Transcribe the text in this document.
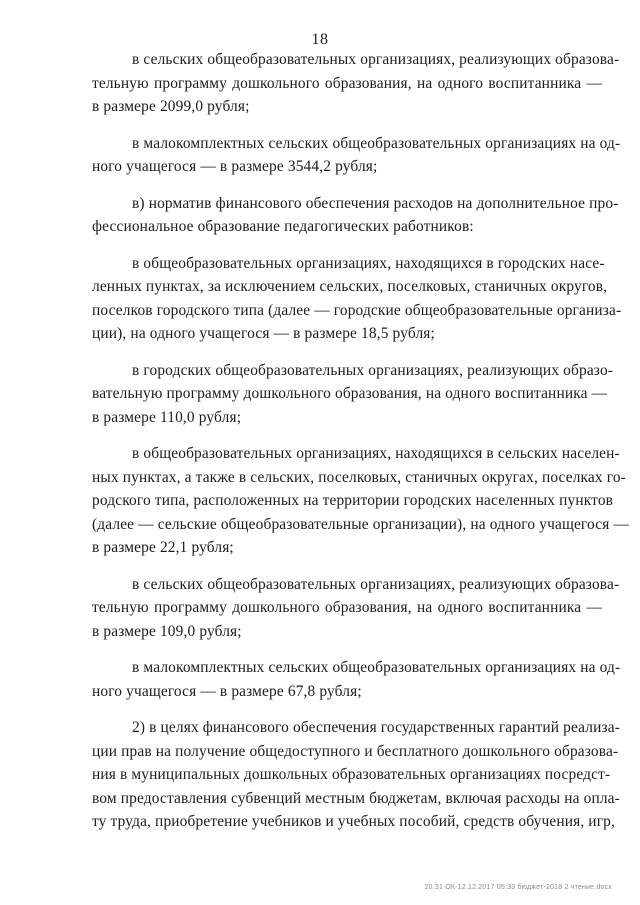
18

в сельских общеобразовательных организациях, реализующих образова-
тельную программу дошкольного образования, на одного воспитанника —
в размере 2099,0 рубля;

в малокомплектных сельских общеобразовательных организациях на од-
ного учащегося — в размере 3544,2 рубля;

в) норматив финансового обеспечения расходов на дополнительное про-
фессиональное образование педагогических работников:

в общеобразовательных организациях, находящихся в городских насе-
ленных пунктах, за исключением сельских, поселковых, станичных округов,
поселков городского типа (далее — городские общеобразовательные организа-
ции), на одного учащегося — в размере 18,5 рубля;

в городских общеобразовательных организациях, реализующих образо-
вательную программу дошкольного образования, на одного воспитанника —
в размере 110,0 рубля;

в общеобразовательных организациях, находящихся в сельских населен-
ных пунктах, а также в сельских, поселковых, станичных округах, поселках го-
родского типа, расположенных на территории городских населенных пунктов
(далее — сельские общеобразовательные организации), на одного учащегося —
в размере 22,1 рубля;

в сельских общеобразовательных организациях, реализующих образова-
тельную программу дошкольного образования, на одного воспитанника —
в размере 109,0 рубля;

в малокомплектных сельских общеобразовательных организациях на од-
ного учащегося — в размере 67,8 рубля;

2) в целях финансового обеспечения государственных гарантий реализа-
ции прав на получение общедоступного и бесплатного дошкольного образова-
ния в муниципальных дошкольных образовательных организациях посредст-
вом предоставления субвенций местным бюджетам, включая расходы на опла-
ту труда, приобретение учебников и учебных пособий, средств обучения, игр,

20.31 ОК-12.12.2017 05:33 бюджет-2018 2 чтение.docx
